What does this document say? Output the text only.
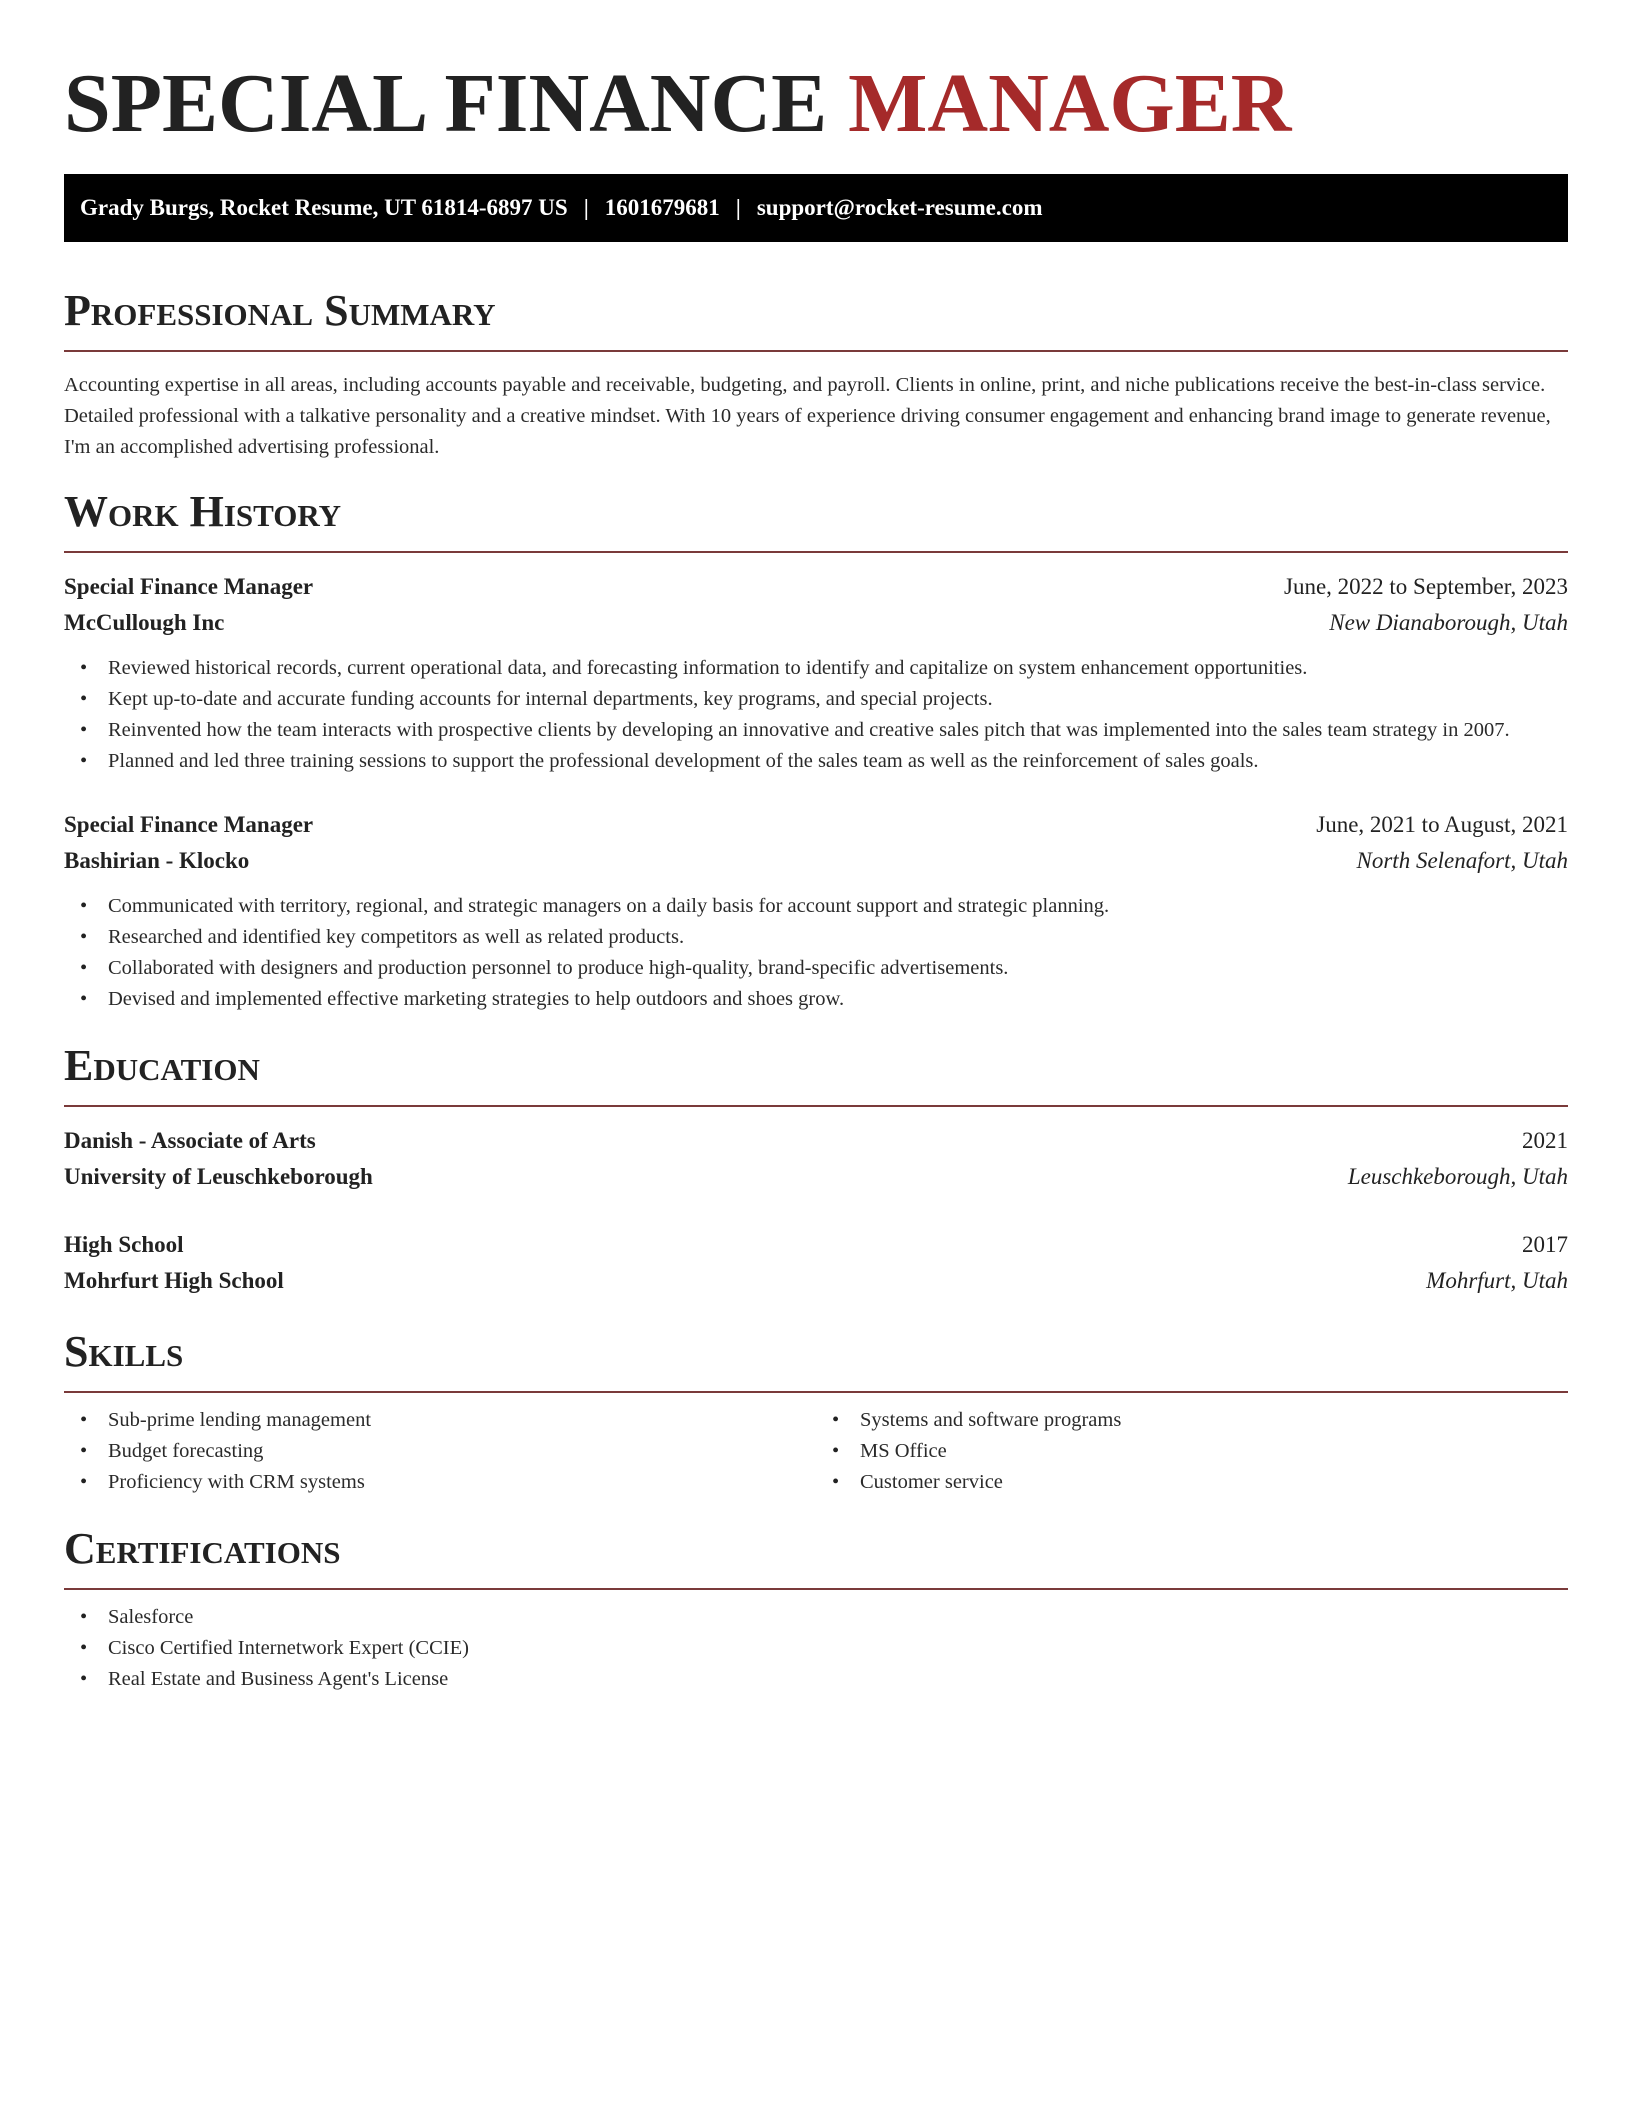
SPECIAL FINANCE MANAGER
Grady Burgs, Rocket Resume, UT 61814-6897 US | 1601679681 | support@rocket-resume.com
Professional Summary

Accounting expertise in all areas, including accounts payable and receivable, budgeting, and payroll. Clients in online, print, and niche publications receive the best-in-class service. Detailed professional with a talkative personality and a creative mindset. With 10 years of experience driving consumer engagement and enhancing brand image to generate revenue, I'm an accomplished advertising professional.

Work History
Special Finance Manager	June, 2022 to September, 2023
McCullough Inc	New Dianaborough, Utah
• Reviewed historical records, current operational data, and forecasting information to identify and capitalize on system enhancement opportunities.
• Kept up-to-date and accurate funding accounts for internal departments, key programs, and special projects.
• Reinvented how the team interacts with prospective clients by developing an innovative and creative sales pitch that was implemented into the sales team strategy in 2007.
• Planned and led three training sessions to support the professional development of the sales team as well as the reinforcement of sales goals.
Special Finance Manager	June, 2021 to August, 2021
Bashirian - Klocko	North Selenafort, Utah
• Communicated with territory, regional, and strategic managers on a daily basis for account support and strategic planning.
• Researched and identified key competitors as well as related products.
• Collaborated with designers and production personnel to produce high-quality, brand-specific advertisements.
• Devised and implemented effective marketing strategies to help outdoors and shoes grow.
Education
Danish - Associate of Arts	2021
University of Leuschkeborough	Leuschkeborough, Utah
High School	2017
Mohrfurt High School	Mohrfurt, Utah
Skills
• Sub-prime lending management
• Budget forecasting
• Proficiency with CRM systems
• Systems and software programs
• MS Office
• Customer service
Certifications
• Salesforce
• Cisco Certified Internetwork Expert (CCIE)
• Real Estate and Business Agent's License
